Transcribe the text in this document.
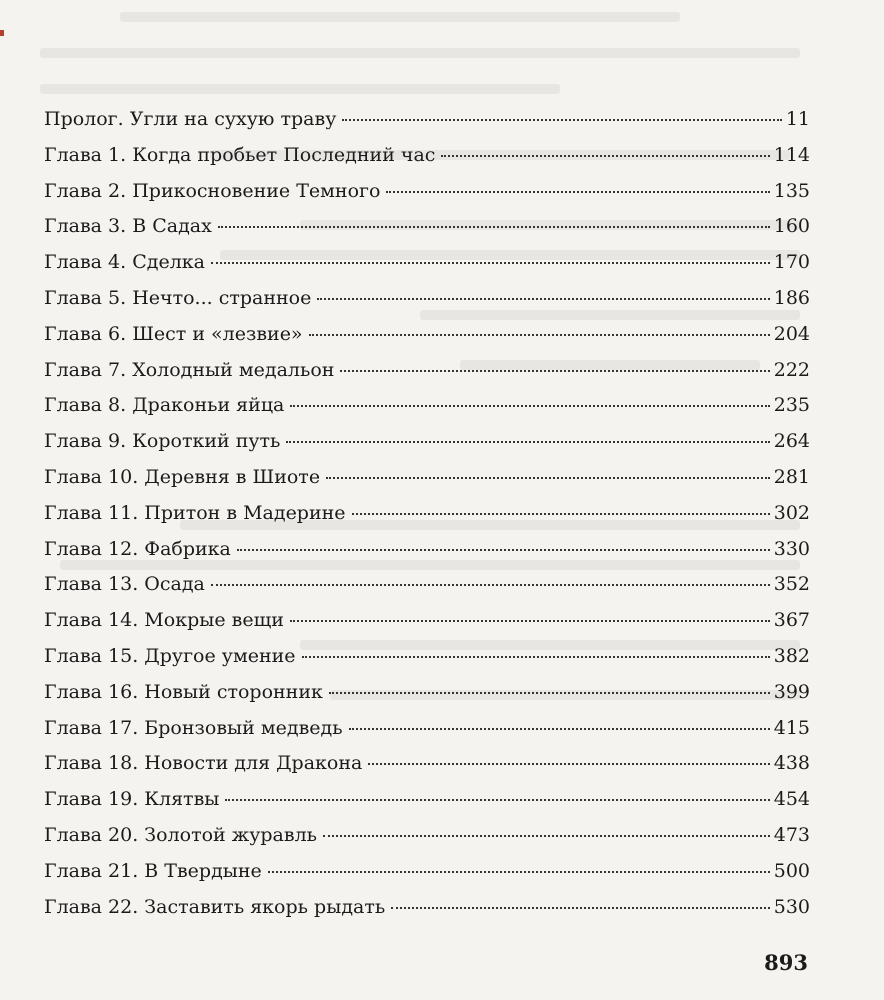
Пролог. Угли на сухую траву	11
Глава 1. Когда пробьет Последний час	114
Глава 2. Прикосновение Темного	135
Глава 3. В Садах	160
Глава 4. Сделка	170
Глава 5. Нечто... странное	186
Глава 6. Шест и «лезвие»	204
Глава 7. Холодный медальон	222
Глава 8. Драконьи яйца	235
Глава 9. Короткий путь	264
Глава 10. Деревня в Шиоте	281
Глава 11. Притон в Мадерине	302
Глава 12. Фабрика	330
Глава 13. Осада	352
Глава 14. Мокрые вещи	367
Глава 15. Другое умение	382
Глава 16. Новый сторонник	399
Глава 17. Бронзовый медведь	415
Глава 18. Новости для Дракона	438
Глава 19. Клятвы	454
Глава 20. Золотой журавль	473
Глава 21. В Твердыне	500
Глава 22. Заставить якорь рыдать	530
893
